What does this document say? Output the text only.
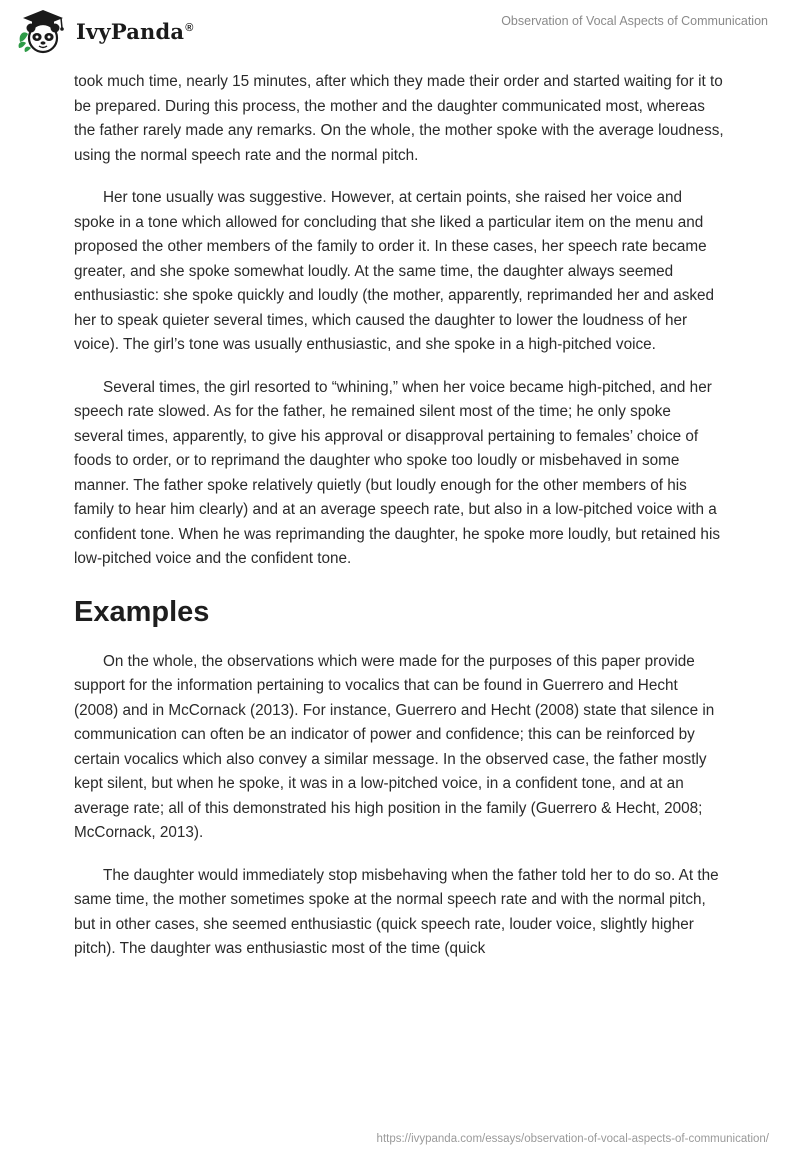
IvyPanda®	Observation of Vocal Aspects of Communication

took much time, nearly 15 minutes, after which they made their order and started waiting for it to be prepared. During this process, the mother and the daughter communicated most, whereas the father rarely made any remarks. On the whole, the mother spoke with the average loudness, using the normal speech rate and the normal pitch.

Her tone usually was suggestive. However, at certain points, she raised her voice and spoke in a tone which allowed for concluding that she liked a particular item on the menu and proposed the other members of the family to order it. In these cases, her speech rate became greater, and she spoke somewhat loudly. At the same time, the daughter always seemed enthusiastic: she spoke quickly and loudly (the mother, apparently, reprimanded her and asked her to speak quieter several times, which caused the daughter to lower the loudness of her voice). The girl’s tone was usually enthusiastic, and she spoke in a high-pitched voice.

Several times, the girl resorted to “whining,” when her voice became high-pitched, and her speech rate slowed. As for the father, he remained silent most of the time; he only spoke several times, apparently, to give his approval or disapproval pertaining to females’ choice of foods to order, or to reprimand the daughter who spoke too loudly or misbehaved in some manner. The father spoke relatively quietly (but loudly enough for the other members of his family to hear him clearly) and at an average speech rate, but also in a low-pitched voice with a confident tone. When he was reprimanding the daughter, he spoke more loudly, but retained his low-pitched voice and the confident tone.

Examples

On the whole, the observations which were made for the purposes of this paper provide support for the information pertaining to vocalics that can be found in Guerrero and Hecht (2008) and in McCornack (2013). For instance, Guerrero and Hecht (2008) state that silence in communication can often be an indicator of power and confidence; this can be reinforced by certain vocalics which also convey a similar message. In the observed case, the father mostly kept silent, but when he spoke, it was in a low-pitched voice, in a confident tone, and at an average rate; all of this demonstrated his high position in the family (Guerrero & Hecht, 2008; McCornack, 2013).

The daughter would immediately stop misbehaving when the father told her to do so. At the same time, the mother sometimes spoke at the normal speech rate and with the normal pitch, but in other cases, she seemed enthusiastic (quick speech rate, louder voice, slightly higher pitch). The daughter was enthusiastic most of the time (quick

https://ivypanda.com/essays/observation-of-vocal-aspects-of-communication/
